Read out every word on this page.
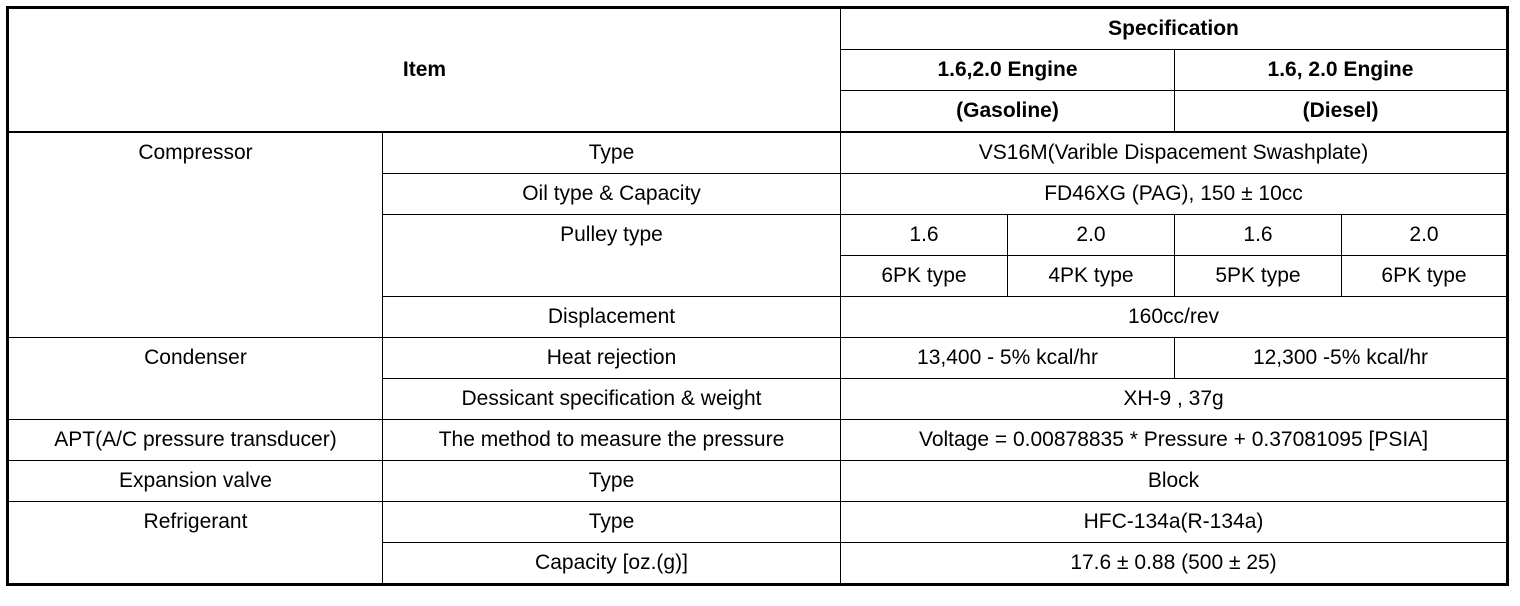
Item		Specification			
		1.6,2.0 Engine		1.6, 2.0 Engine	
		(Gasoline)		(Diesel)	
Compressor	Type	VS16M(Varible Dispacement Swashplate)			
	Oil type & Capacity	FD46XG (PAG), 150 ± 10cc			
	Pulley type	1.6	2.0	1.6	2.0
		6PK type	4PK type	5PK type	6PK type
	Displacement	160cc/rev			
Condenser	Heat rejection	13,400 - 5% kcal/hr		12,300 -5% kcal/hr	
	Dessicant specification & weight	XH-9 , 37g			
APT(A/C pressure transducer)	The method to measure the pressure	Voltage = 0.00878835 * Pressure + 0.37081095 [PSIA]			
Expansion valve	Type	Block			
Refrigerant	Type	HFC-134a(R-134a)			
	Capacity [oz.(g)]	17.6 ± 0.88 (500 ± 25)			
